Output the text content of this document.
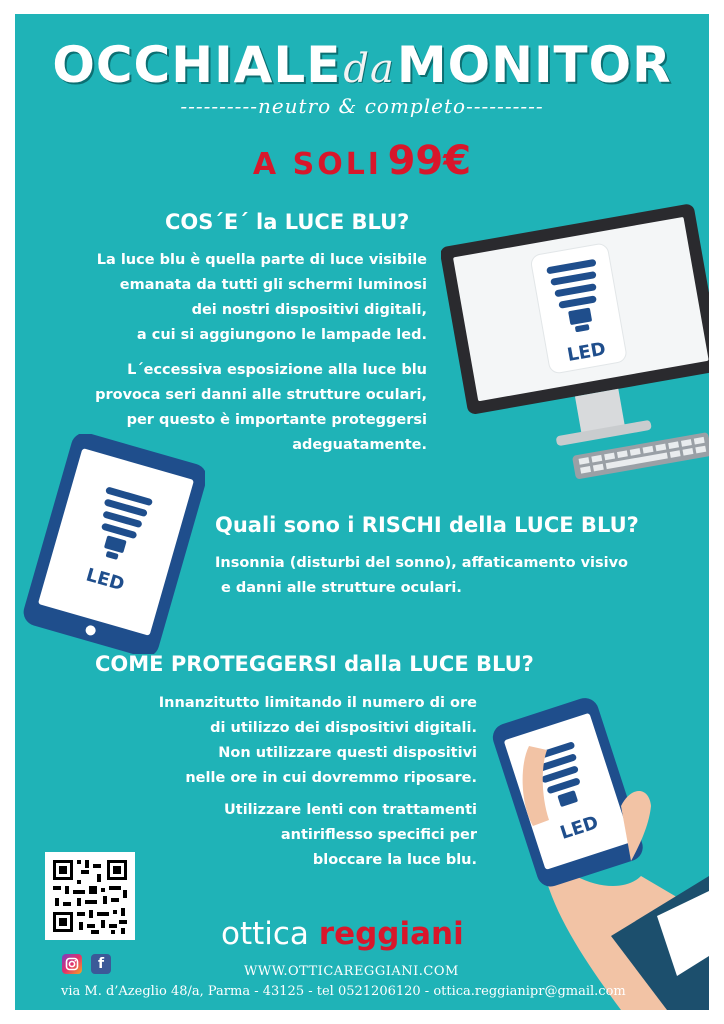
OCCHIALEdaMONITOR
----------neutro & completo----------
A SOLI 99€
COS´E´ la LUCE BLU?
La luce blu è quella parte di luce visibile
emanata da tutti gli schermi luminosi
dei nostri dispositivi digitali,
a cui si aggiungono le lampade led.
L´eccessiva esposizione alla luce blu
provoca seri danni alle strutture oculari,
per questo è importante proteggersi
adeguatamente.
LED
LED
Quali sono i RISCHI della LUCE BLU?
Insonnia (disturbi del sonno), affaticamento visivo
e danni alle strutture oculari.
COME PROTEGGERSI dalla LUCE BLU?
Innanzitutto limitando il numero di ore
di utilizzo dei dispositivi digitali.
Non utilizzare questi dispositivi
nelle ore in cui dovremmo riposare.
Utilizzare lenti con trattamenti
antiriflesso specifici per
bloccare la luce blu.
LED
ottica reggiani
f	WWW.OTTICAREGGIANI.COM
via M. d’Azeglio 48/a, Parma - 43125 - tel 0521206120 - ottica.reggianipr@gmail.com
